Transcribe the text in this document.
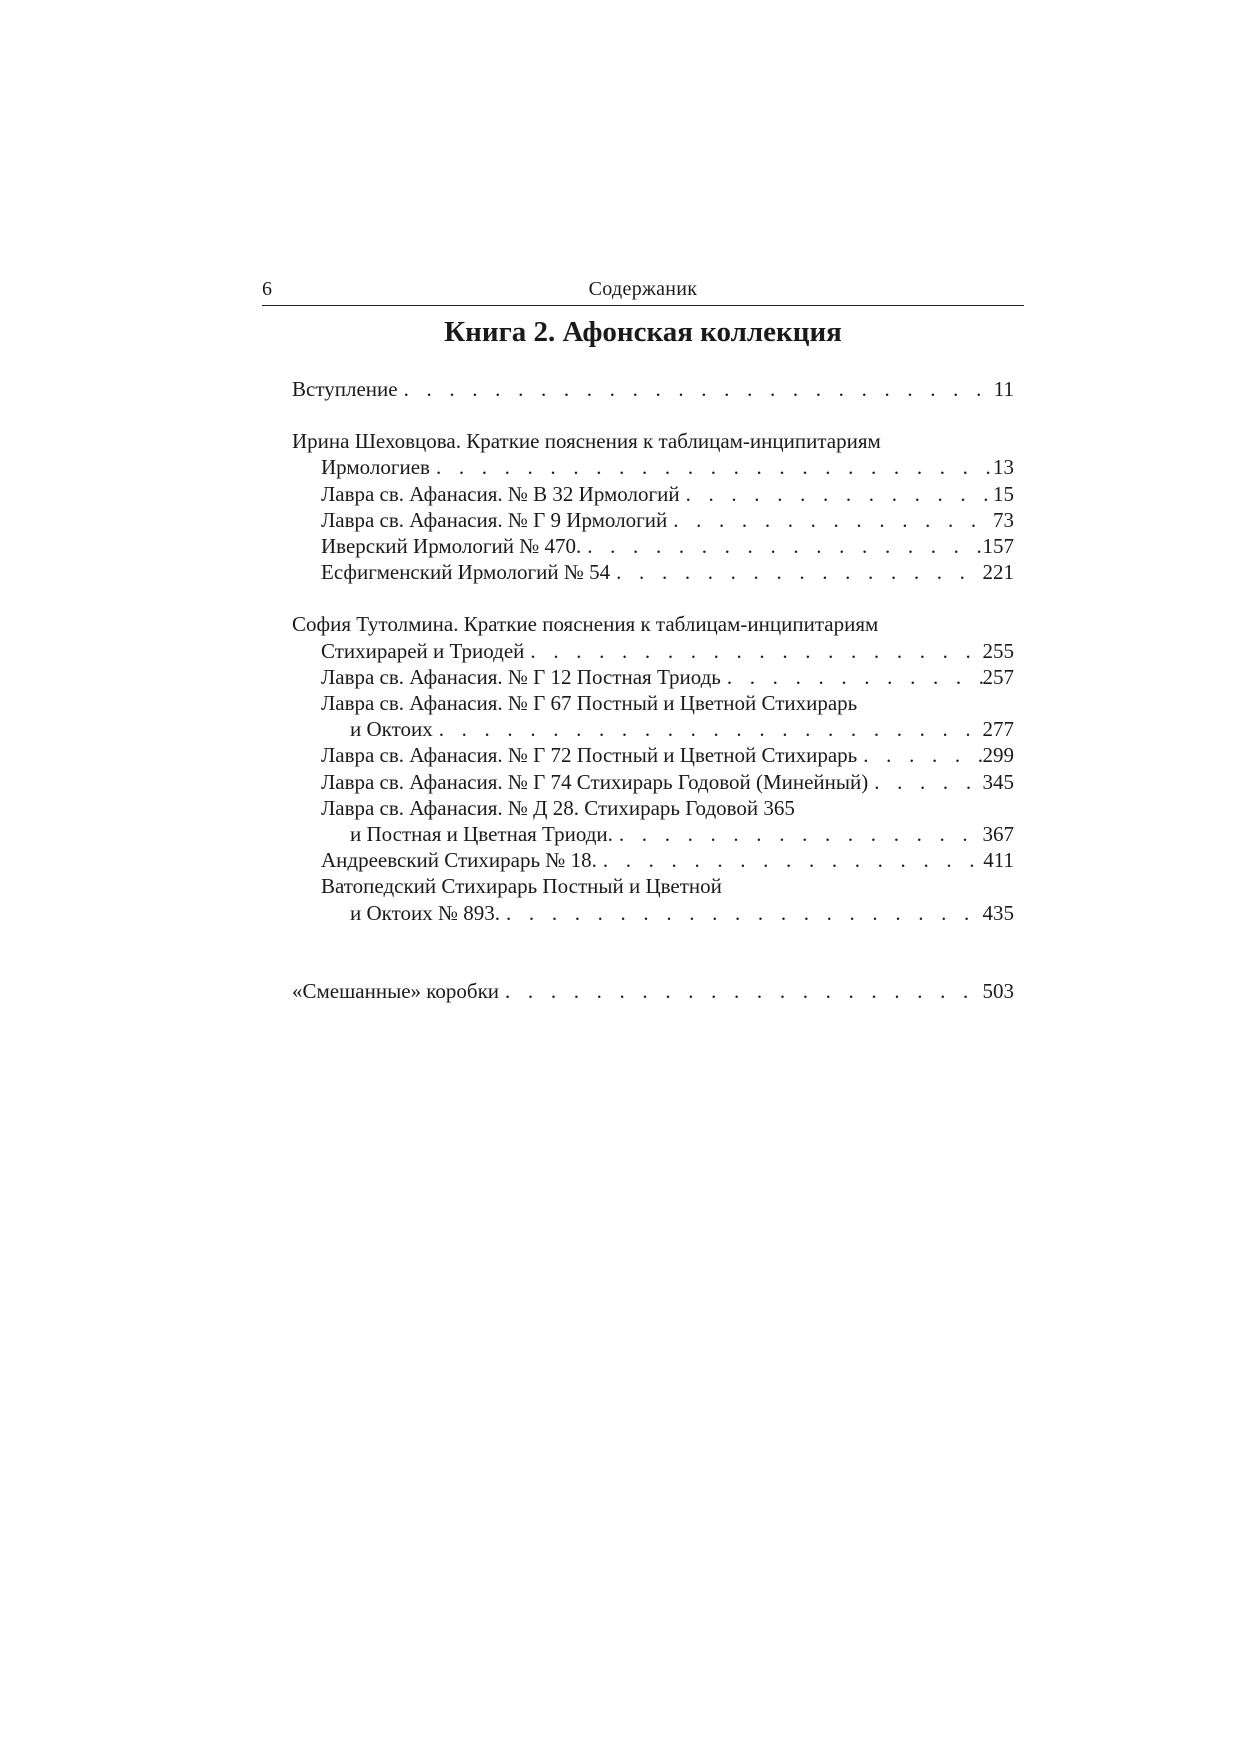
6	Содержаник
Книга 2. Афонская коллекция
Вступление . . .	11
Ирина Шеховцова. Краткие пояснения к таблицам-инципитариям
Ирмологиев . . .	13
Лавра св. Афанасия. № В 32 Ирмологий . . .	15
Лавра св. Афанасия. № Г 9 Ирмологий . . .	73
Иверский Ирмологий № 470. . . .	157
Есфигменский Ирмологий № 54 . . .	221
София Тутолмина. Краткие пояснения к таблицам-инципитариям
Стихирарей и Триодей . . .	255
Лавра св. Афанасия. № Г 12 Постная Триодь . . .	257
Лавра св. Афанасия. № Г 67 Постный и Цветной Стихирарь
и Октоих . . .	277
Лавра св. Афанасия. № Г 72 Постный и Цветной Стихирарь . . .	299
Лавра св. Афанасия. № Г 74 Стихирарь Годовой (Минейный) . . .	345
Лавра св. Афанасия. № Д 28. Стихирарь Годовой 365
и Постная и Цветная Триоди. . . .	367
Андреевский Стихирарь № 18. . . .	411
Ватопедский Стихирарь Постный и Цветной
и Октоих № 893. . . .	435
«Смешанные» коробки . . .	503
